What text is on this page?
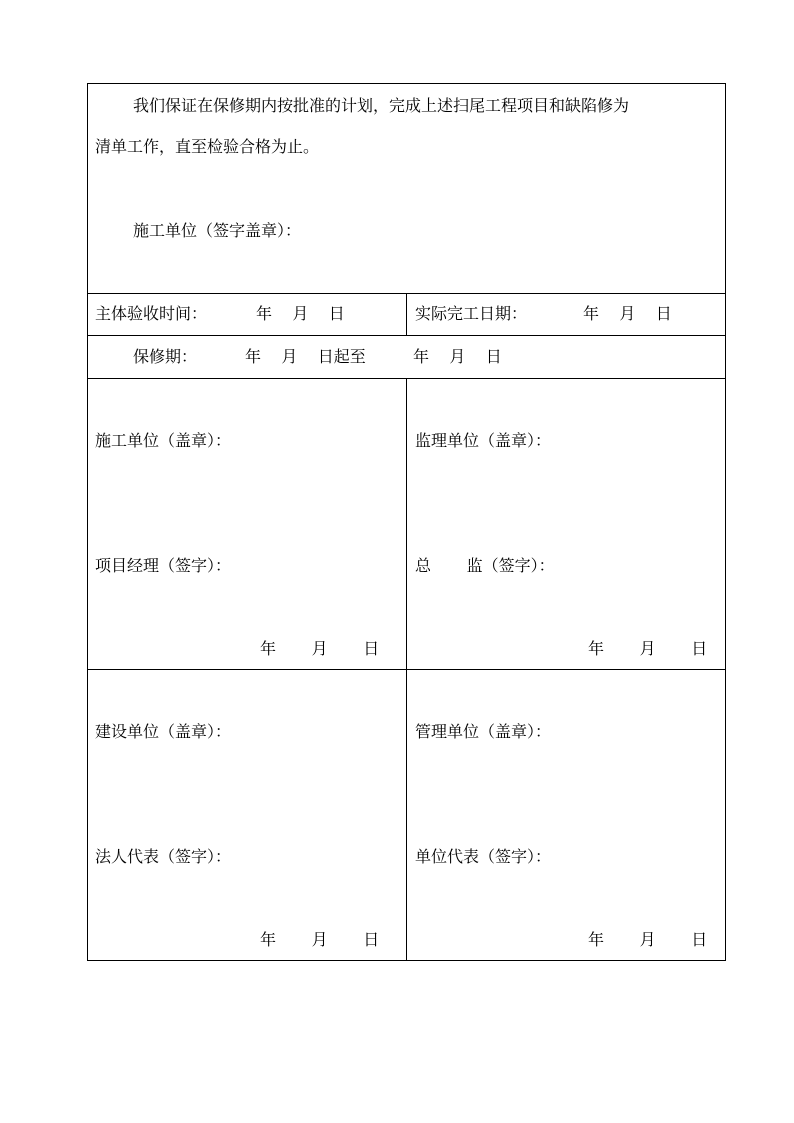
我们保证在保修期内按批准的计划，完成上述扫尾工程项目和缺陷修为
清单工作，直至检验合格为止。
施工单位（签字盖章）：
主体验收时间：	年    月    日	实际完工日期：	年    月    日
保修期：	年    月    日起至	年    月    日
施工单位（盖章）：
项目经理（签字）：
年       月       日
监理单位（盖章）：
总       监（签字）：
年       月       日
建设单位（盖章）：
法人代表（签字）：
年       月       日
管理单位（盖章）：
单位代表（签字）：
年       月       日
